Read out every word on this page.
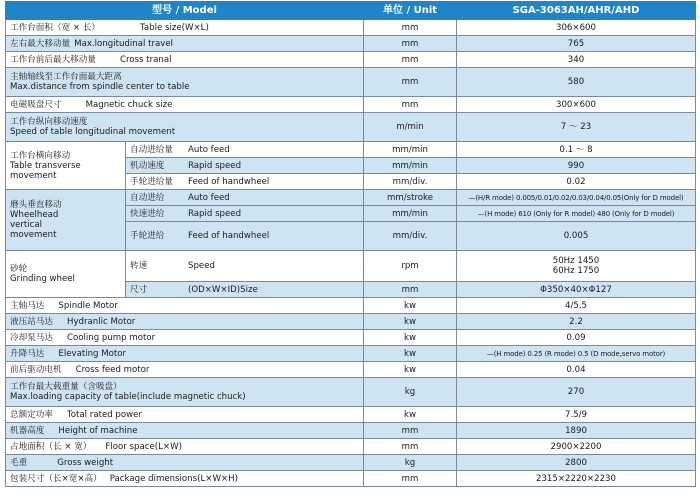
型号 / Model		单位 / Unit	SGA-3063AH/AHR/AHD
工作台面积（宽 × 长） Table size(W×L)		mm	306×600
左右最大移动量 Max.longitudinal travel		mm	765
工作台前后最大移动量 Cross tranal		mm	340

主轴轴线至工作台面最大距离
Max.distance from spindle center to table		mm	580
电磁吸盘尺寸 Magnetic chuck size		mm	300×600

工作台纵向移动速度
Speed of table longitudinal movement		m/min	7 ～ 23

工作台横向移动
Table transverse
movement	自动进给量 Auto feed	mm/min	0.1 ～ 8
	机动速度 Rapid speed	mm/min	990
	手轮进给量 Feed of handwheel	mm/div.	0.02

磨头垂直移动
Wheelhead
vertical
movement	自动进给 Auto feed	mm/stroke	—(H/R mode) 0.005/0.01/0.02/0.03/0.04/0.05(Only for D model)
	快速进给 Rapid speed	mm/min	—(H mode) 610 (Only for R model) 480 (Only for D model)
	手轮进给 Feed of handwheel	mm/div.	0.005

砂轮
Grinding wheel	转速 Speed	rpm	50Hz 1450
60Hz 1750

	尺寸 (OD×W×ID)Size	mm	Φ350×40×Φ127
主轴马达 Spindle Motor		kw	4/5.5
液压站马达 Hydranlic Motor		kw	2.2
冷却泵马达 Cooling pump motor		kw	0.09
升降马达 Elevating Motor		kw	—(H mode) 0.25 (R mode) 0.5 (D mode,servo motor)
前后驱动电机 Cross feed motor		kw	0.04

工作台最大载重量（含吸盘）
Max.loading capacity of table(include magnetic chuck)		kg	270
总额定功率 Total rated power		kw	7.5/9
机器高度 Height of machine		mm	1890
占地面积（长 × 宽） Floor space(L×W)		mm	2900×2200
毛重 Gross weight		kg	2800
包装尺寸（长×宽×高） Package dimensions(L×W×H)		mm	2315×2220×2230
